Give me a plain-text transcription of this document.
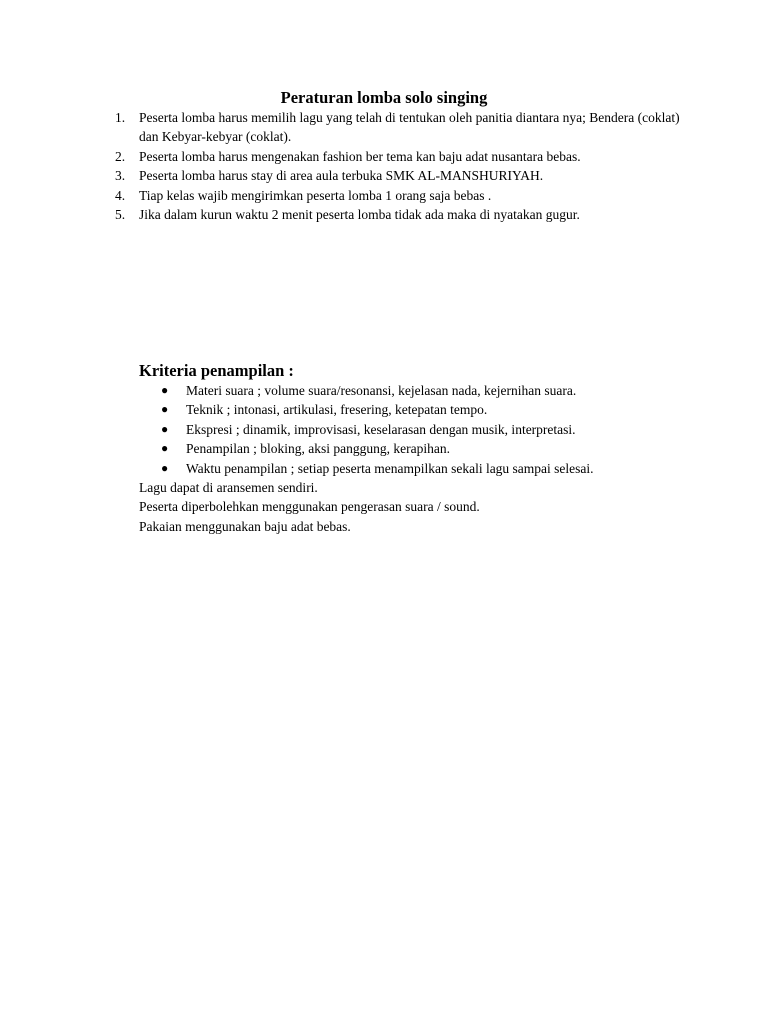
Peraturan lomba solo singing
1. Peserta lomba harus memilih lagu yang telah di tentukan oleh panitia diantara nya; Bendera (coklat) dan Kebyar-kebyar (coklat).
2. Peserta lomba harus mengenakan fashion ber tema kan baju adat nusantara bebas.
3. Peserta lomba harus stay di area aula terbuka SMK AL-MANSHURIYAH.
4. Tiap kelas wajib mengirimkan peserta lomba 1 orang saja bebas .
5. Jika dalam kurun waktu 2 menit peserta lomba tidak ada maka di nyatakan gugur.
Kriteria penampilan :
● Materi suara ; volume suara/resonansi, kejelasan nada, kejernihan suara.
● Teknik ; intonasi, artikulasi, fresering, ketepatan tempo.
● Ekspresi ; dinamik, improvisasi, keselarasan dengan musik, interpretasi.
● Penampilan ; bloking, aksi panggung, kerapihan.
● Waktu penampilan ; setiap peserta menampilkan sekali lagu sampai selesai.
Lagu dapat di aransemen sendiri.
Peserta diperbolehkan menggunakan pengerasan suara / sound.
Pakaian menggunakan baju adat bebas.
